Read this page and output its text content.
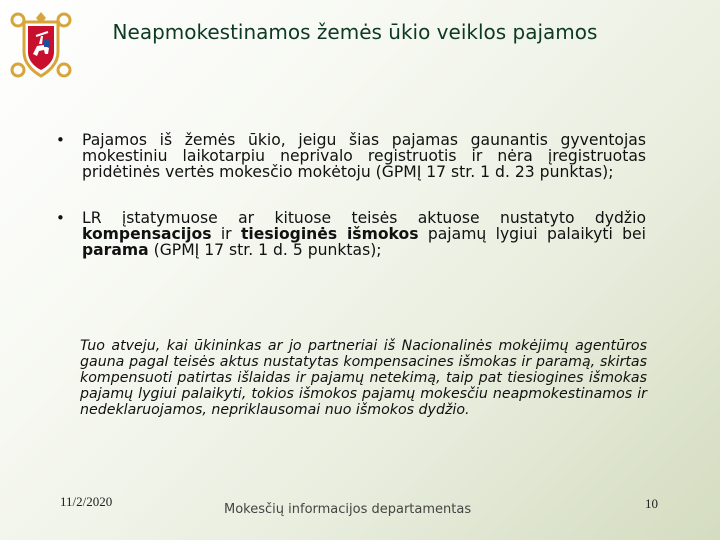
Neapmokestinamos žemės ūkio veiklos pajamos
• Pajamos iš žemės ūkio, jeigu šias pajamas gaunantis gyventojas mokestiniu laikotarpiu neprivalo registruotis ir nėra įregistruotas pridėtinės vertės mokesčio mokėtoju (GPMĮ 17 str. 1 d. 23 punktas);
• LR įstatymuose ar kituose teisės aktuose nustatyto dydžio kompensacijos ir tiesioginės išmokos pajamų lygiui palaikyti bei parama (GPMĮ 17 str. 1 d. 5 punktas);
Tuo atveju, kai ūkininkas ar jo partneriai iš Nacionalinės mokėjimų agentūros gauna pagal teisės aktus nustatytas kompensacines išmokas ir paramą, skirtas kompensuoti patirtas išlaidas ir pajamų netekimą, taip pat tiesiogines išmokas pajamų lygiui palaikyti, tokios išmokos pajamų mokesčiu neapmokestinamos ir nedeklaruojamos, nepriklausomai nuo išmokos dydžio.
11/2/2020
Mokesčių informacijos departamentas	10
